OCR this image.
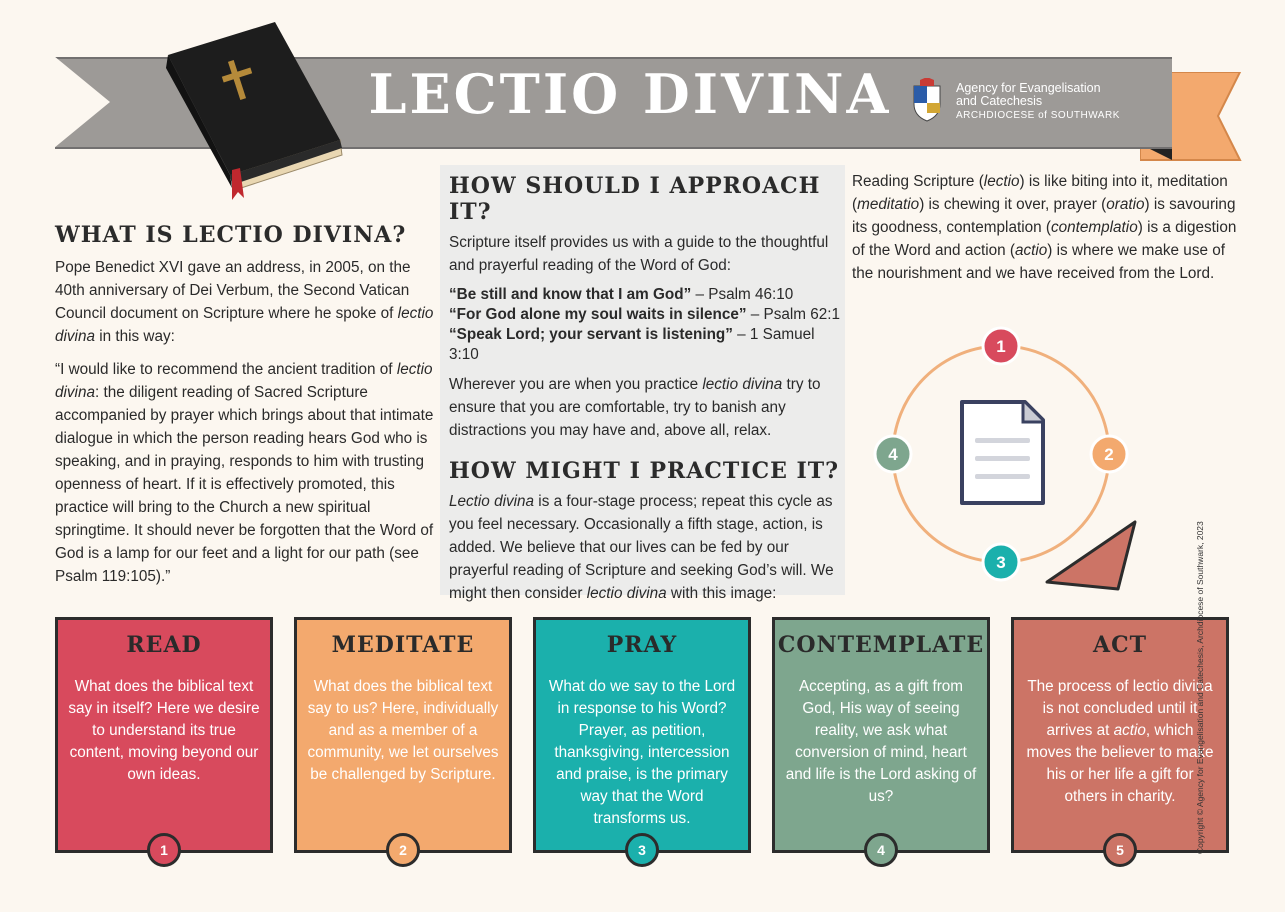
LECTIO DIVINA	Agency for Evangelisation
and Catechesis
ARCHDIOCESE of SOUTHWARK
WHAT IS LECTIO DIVINA?

Pope Benedict XVI gave an address, in 2005, on the 40th anniversary of Dei Verbum, the Second Vatican Council document on Scripture where he spoke of lectio divina in this way:

“I would like to recommend the ancient tradition of lectio divina: the diligent reading of Sacred Scripture accompanied by prayer which brings about that intimate dialogue in which the person reading hears God who is speaking, and in praying, responds to him with trusting openness of heart. If it is effectively promoted, this practice will bring to the Church a new spiritual springtime. It should never be forgotten that the Word of God is a lamp for our feet and a light for our path (see Psalm 119:105).”

HOW SHOULD I APPROACH IT?

Scripture itself provides us with a guide to the thoughtful and prayerful reading of the Word of God:

“Be still and know that I am God” – Psalm 46:10

“For God alone my soul waits in silence” – Psalm 62:1

“Speak Lord; your servant is listening” – 1 Samuel 3:10

Wherever you are when you practice lectio divina try to ensure that you are comfortable, try to banish any distractions you may have and, above all, relax.

HOW MIGHT I PRACTICE IT?

Lectio divina is a four-stage process; repeat this cycle as you feel necessary. Occasionally a fifth stage, action, is added. We believe that our lives can be fed by our prayerful reading of Scripture and seeking God’s will. We might then consider lectio divina with this image:

Reading Scripture (lectio) is like biting into it, meditation (meditatio) is chewing it over, prayer (oratio) is savouring its goodness, contemplation (contemplatio) is a digestion of the Word and action (actio) is where we make use of the nourishment and we have received from the Lord.
1
2
3
4
READ

What does the biblical text say in itself? Here we desire to understand its true content, moving beyond our own ideas.

1
MEDITATE

What does the biblical text say to us? Here, individually and as a member of a community, we let ourselves be challenged by Scripture.

2
PRAY

What do we say to the Lord in response to his Word? Prayer, as petition, thanksgiving, intercession and praise, is the primary way that the Word transforms us.

3
CONTEMPLATE

Accepting, as a gift from God, His way of seeing reality, we ask what conversion of mind, heart and life is the Lord asking of us?

4
ACT

The process of lectio divina is not concluded until it arrives at actio, which moves the believer to make his or her life a gift for others in charity.

5	Copyright © Agency for Evangelisation and Catechesis, Archdiocese of Southwark, 2023
